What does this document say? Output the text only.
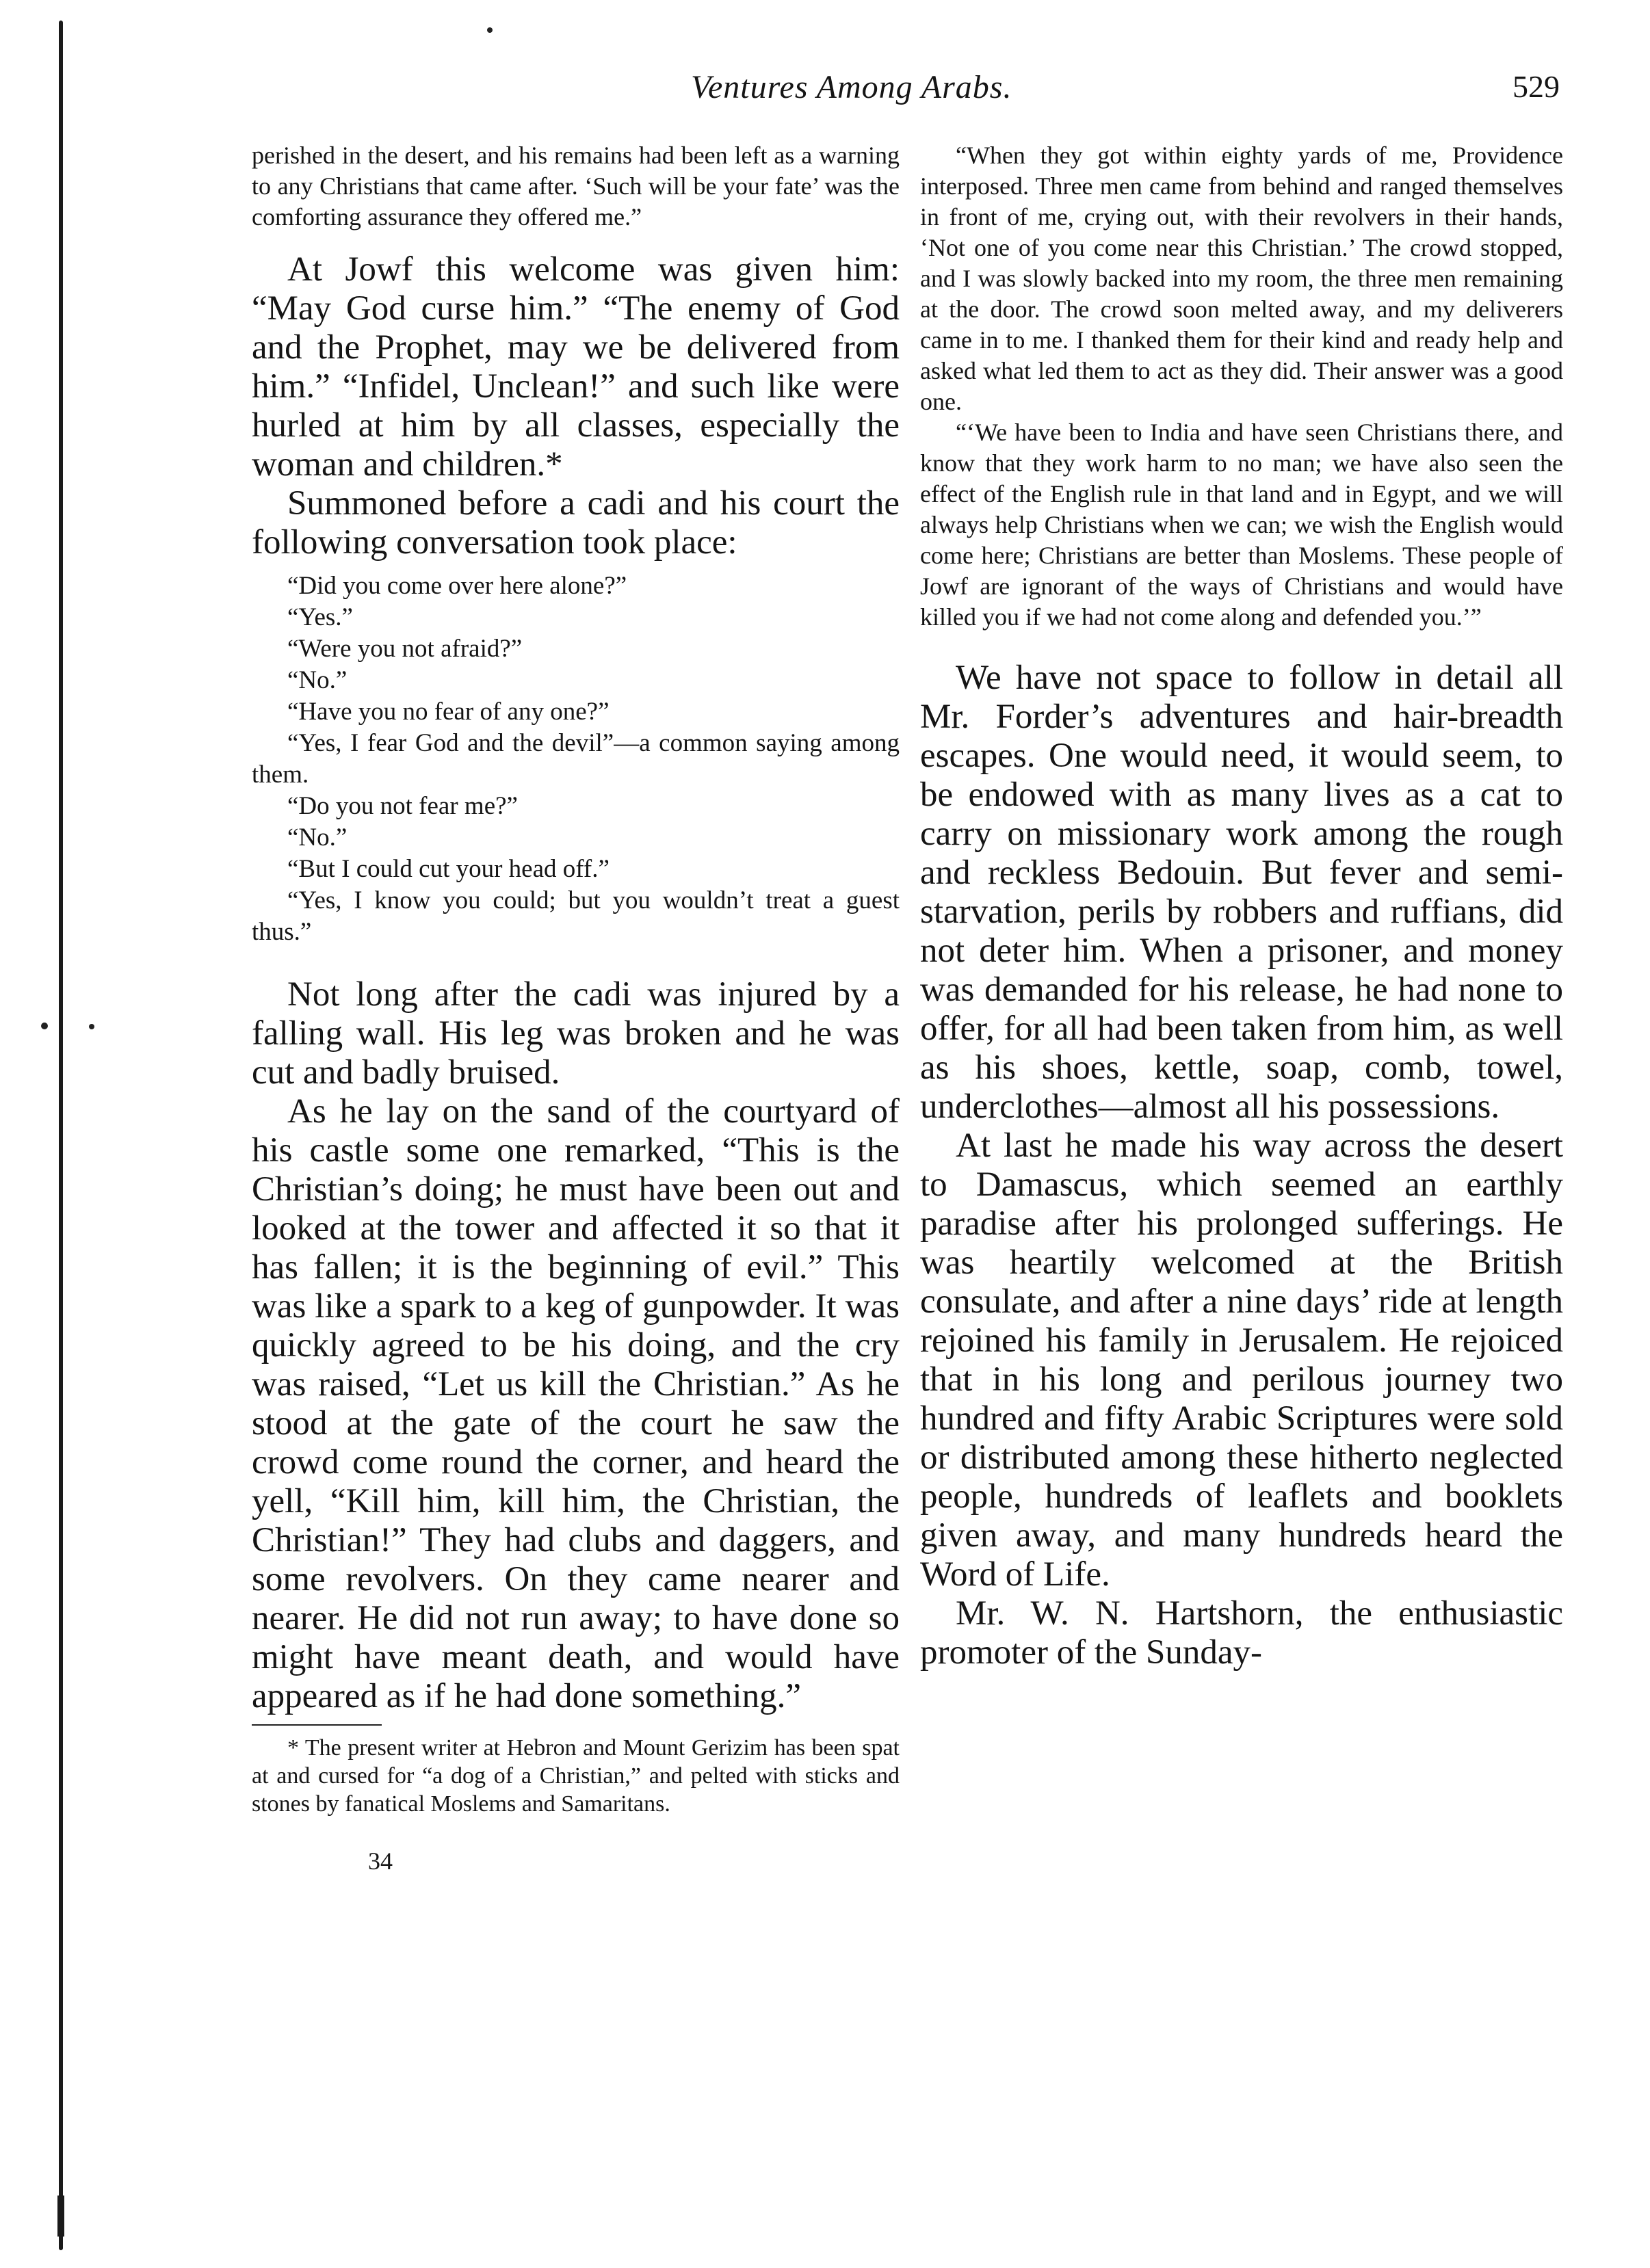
Ventures Among Arabs.	529

perished in the desert, and his remains had been left as a warning to any Christians that came after. ‘Such will be your fate’ was the comforting assurance they offered me.”

At Jowf this welcome was given him: “May God curse him.” “The enemy of God and the Prophet, may we be delivered from him.” “Infidel, Unclean!” and such like were hurled at him by all classes, especially the woman and children.*

Summoned before a cadi and his court the following conversation took place:

“Did you come over here alone?”

“Yes.”

“Were you not afraid?”

“No.”

“Have you no fear of any one?”

“Yes, I fear God and the devil”—a common saying among them.

“Do you not fear me?”

“No.”

“But I could cut your head off.”

“Yes, I know you could; but you wouldn’t treat a guest thus.”

Not long after the cadi was injured by a falling wall. His leg was broken and he was cut and badly bruised.

As he lay on the sand of the courtyard of his castle some one remarked, “This is the Christian’s doing; he must have been out and looked at the tower and affected it so that it has fallen; it is the beginning of evil.” This was like a spark to a keg of gunpowder. It was quickly agreed to be his doing, and the cry was raised, “Let us kill the Christian.” As he stood at the gate of the court he saw the crowd come round the corner, and heard the yell, “Kill him, kill him, the Christian, the Christian!” They had clubs and daggers, and some revolvers. On they came nearer and nearer. He did not run away; to have done so might have meant death, and would have appeared as if he had done something.”

* The present writer at Hebron and Mount Gerizim has been spat at and cursed for “a dog of a Christian,” and pelted with sticks and stones by fanatical Moslems and Samaritans.

34

“When they got within eighty yards of me, Providence interposed. Three men came from behind and ranged themselves in front of me, crying out, with their revolvers in their hands, ‘Not one of you come near this Christian.’ The crowd stopped, and I was slowly backed into my room, the three men remaining at the door. The crowd soon melted away, and my deliverers came in to me. I thanked them for their kind and ready help and asked what led them to act as they did. Their answer was a good one.

“‘We have been to India and have seen Christians there, and know that they work harm to no man; we have also seen the effect of the English rule in that land and in Egypt, and we will always help Christians when we can; we wish the English would come here; Christians are better than Moslems. These people of Jowf are ignorant of the ways of Christians and would have killed you if we had not come along and defended you.’”

We have not space to follow in detail all Mr. Forder’s adventures and hair-breadth escapes. One would need, it would seem, to be endowed with as many lives as a cat to carry on missionary work among the rough and reckless Bedouin. But fever and semi-starvation, perils by robbers and ruffians, did not deter him. When a prisoner, and money was demanded for his release, he had none to offer, for all had been taken from him, as well as his shoes, kettle, soap, comb, towel, underclothes—almost all his possessions.

At last he made his way across the desert to Damascus, which seemed an earthly paradise after his prolonged sufferings. He was heartily welcomed at the British consulate, and after a nine days’ ride at length rejoined his family in Jerusalem. He rejoiced that in his long and perilous journey two hundred and fifty Arabic Scriptures were sold or distributed among these hitherto neglected people, hundreds of leaflets and booklets given away, and many hundreds heard the Word of Life.

Mr. W. N. Hartshorn, the enthusiastic promoter of the Sunday-
